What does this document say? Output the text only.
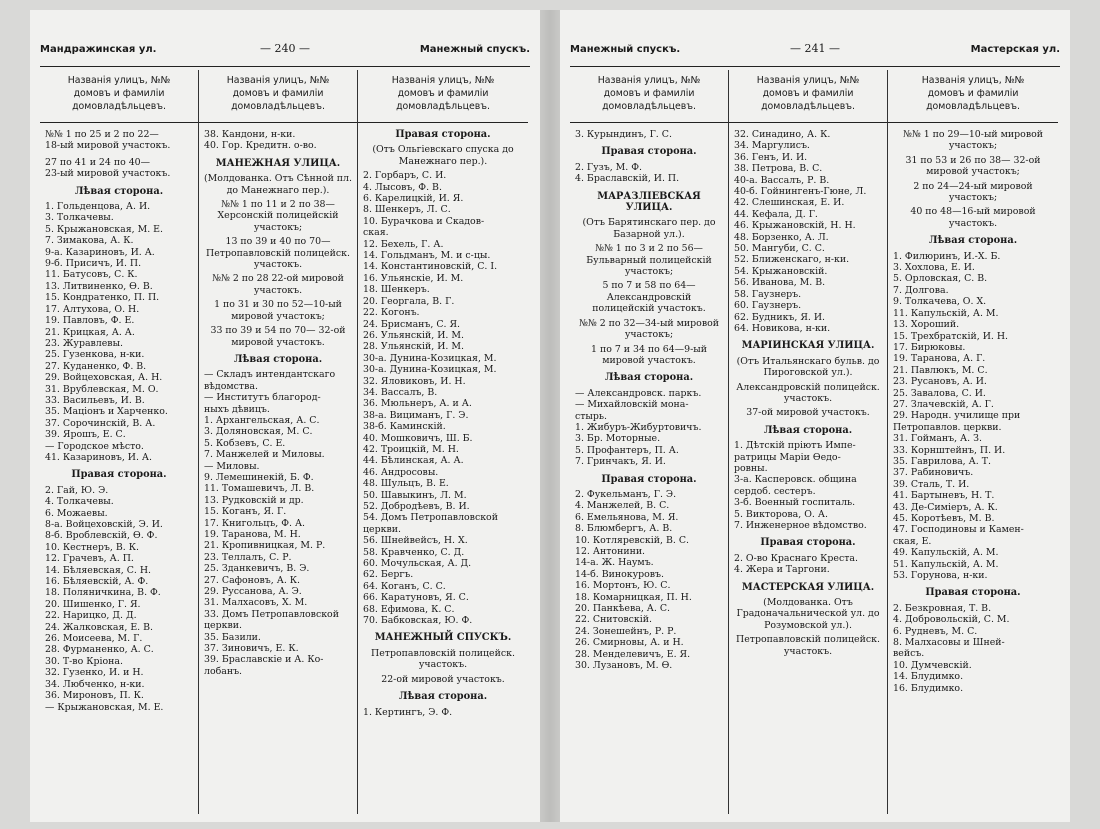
Мандражинская ул.	— 240 —	Манежный спускъ.
Названія улицъ, №№
домовъ и фамиліи
домовладѣльцевъ.
№№ 1 по 25 и 2 по 22—
18-ый мировой участокъ.
27 по 41 и 24 по 40—
23-ый мировой участокъ.
Лѣвая сторона.
1. Гольденцова, А. И.
3. Толкачевы.
5. Крыжановская, М. Е.
7. Зимакова, А. К.
9-а. Казариновъ, И. А.
9-б. Присичъ, И. П.
11. Батусовъ, С. К.
13. Литвиненко, Ѳ. В.
15. Кондратенко, П. П.
17. Алтухова, О. Н.
19. Павловъ, Ф. Е.
21. Крицкая, А. А.
23. Журавлевы.
25. Гузенкова, н-ки.
27. Куданенко, Ф. В.
29. Войцеховская, А. Н.
31. Врублевская, М. О.
33. Васильевъ, И. В.
35. Маціонъ и Харченко.
37. Сорочинскій, В. А.
39. Ярошъ, Е. С.
— Городское мѣсто.
41. Казариновъ, И. А.
Правая сторона.
2. Гай, Ю. Э.
4. Толкачевы.
6. Можаевы.
8-а. Войцеховскій, Э. И.
8-б. Вроблевскій, Ѳ. Ф.
10. Кестнеръ, В. К.
12. Грачевъ, А. П.
14. Бѣляевская, С. Н.
16. Бѣляевскій, А. Ф.
18. Поляничкина, В. Ф.
20. Шишенко, Г. Я.
22. Нарицко, Д. Д.
24. Жалковская, Е. В.
26. Моисеева, М. Г.
28. Фурманенко, А. С.
30. Т-во Кріона.
32. Гузенко, И. и Н.
34. Любченко, н-ки.
36. Мироновъ, П. К.
— Крыжановская, М. Е.
Названія улицъ, №№
домовъ и фамиліи
домовладѣльцевъ.
38. Кандони, н-ки.
40. Гор. Кредитн. о-во.
МАНЕЖНАЯ УЛИЦА.
(Молдованка. Отъ Сѣнной пл. до Манежнаго пер.).
№№ 1 по 11 и 2 по 38— Херсонскій полицейскій участокъ;
13 по 39 и 40 по 70— Петропавловскій полицейск. участокъ.
№№ 2 по 28 22-ой мировой участокъ.
1 по 31 и 30 по 52—10-ый мировой участокъ;
33 по 39 и 54 по 70— 32-ой мировой участокъ.
Лѣвая сторона.
— Складъ интендантскаго
вѣдомства.
— Институтъ благород-
ныхъ дѣвицъ.
1. Архангельская, А. С.
3. Доляновская, М. С.
5. Кобзевъ, С. Е.
7. Манжелей и Миловы.
— Миловы.
9. Лемешинекій, Б. Ф.
11. Томашевичъ, Л. В.
13. Рудковскій и др.
15. Коганъ, Я. Г.
17. Книгольцъ, Ф. А.
19. Таранова, М. Н.
21. Кропивницкая, М. Р.
23. Теллалъ, С. Р.
25. Зданкевичъ, В. Э.
27. Сафоновъ, А. К.
29. Руссанова, А. Э.
31. Малхасовъ, Х. М.
33. Домъ Петропавловской
церкви.
35. Базили.
37. Зиновичъ, Е. К.
39. Браславскіе и А. Ко-
лобанъ.
Названія улицъ, №№
домовъ и фамиліи
домовладѣльцевъ.
Правая сторона.
(Отъ Ольгіевскаго спуска до Манежнаго пер.).
2. Горбаръ, С. И.
4. Лысовъ, Ф. В.
6. Карелицкій, И. Я.
8. Шенкеръ, Л. С.
10. Бурачкова и Скадов-
ская.
12. Бехель, Г. А.
14. Гольдманъ, М. и с-цы.
14. Константиновскій, С. І.
16. Ульянскіе, И. М.
18. Шенкеръ.
20. Георгала, В. Г.
22. Когонъ.
24. Брисманъ, С. Я.
26. Ульянскій, И. М.
28. Ульянскій, И. М.
30-а. Дунина-Козицкая, М.
30-а. Дунина-Козицкая, М.
32. Яловиковъ, И. Н.
34. Вассалъ, В.
36. Мюльнеръ, А. и А.
38-а. Вициманъ, Г. Э.
38-б. Каминскій.
40. Мошковичъ, Ш. Б.
42. Троицкій, М. Н.
44. Бѣлинская, А. А.
46. Андросовы.
48. Шульцъ, В. Е.
50. Шавыкинъ, Л. М.
52. Добродѣевъ, В. И.
54. Домъ Петропавловской
церкви.
56. Шнейвейсъ, Н. Х.
58. Кравченко, С. Д.
60. Мочульская, А. Д.
62. Бергъ.
64. Коганъ, С. С.
66. Каратуновъ, Я. С.
68. Ефимова, К. С.
70. Бабковская, Ю. Ф.
МАНЕЖНЫЙ СПУСКЪ.
Петропавловскій полицейск. участокъ.
22-ой мировой участокъ.
Лѣвая сторона.
1. Кертингъ, Э. Ф.
Манежный спускъ.	— 241 —	Мастерская ул.
Названія улицъ, №№
домовъ и фамиліи
домовладѣльцевъ.
3. Курындинъ, Г. С.
Правая сторона.
2. Гузъ, М. Ф.
4. Браславскій, И. П.
МАРАЗЛІЕВСКАЯ УЛИЦА.
(Отъ Барятинскаго пер. до Базарной ул.).
№№ 1 по 3 и 2 по 56— Бульварный полицейскій участокъ;
5 по 7 и 58 по 64—Александровскій полицейскій участокъ.
№№ 2 по 32—34-ый мировой участокъ;
1 по 7 и 34 по 64—9-ый мировой участокъ.
Лѣвая сторона.
— Александровск. паркъ.
— Михайловскій мона-
стырь.
1. Жибуръ-Жибуртовичъ.
3. Бр. Моторные.
5. Профантеръ, П. А.
7. Гринчакъ, Я. И.
Правая сторона.
2. Фукельманъ, Г. Э.
4. Манжелей, В. С.
6. Емельянова, М. Я.
8. Блюмбергъ, А. В.
10. Котляревскій, В. С.
12. Антонини.
14-а. Ж. Наумъ.
14-б. Винокуровъ.
16. Мортонъ, Ю. С.
18. Комарницкая, П. Н.
20. Панкѣева, А. С.
22. Снитовскій.
24. Зонешейнъ, Р. Р.
26. Смирновы, А. и Н.
28. Менделевичъ, Е. Я.
30. Лузановъ, М. Ѳ.
Названія улицъ, №№
домовъ и фамиліи
домовладѣльцевъ.
32. Синадино, А. К.
34. Маргулисъ.
36. Генъ, И. И.
38. Петрова, В. С.
40-а. Вассалъ, Р. В.
40-б. Гойнингенъ-Гюне, Л.
42. Слешинская, Е. И.
44. Кефала, Д. Г.
46. Крыжановскій, Н. Н.
48. Борзенко, А. Л.
50. Мангуби, С. С.
52. Ближенскаго, н-ки.
54. Крыжановскій.
56. Иванова, М. В.
58. Гаузнеръ.
60. Гаузнеръ.
62. Будникъ, Я. И.
64. Новикова, н-ки.
МАРІИНСКАЯ УЛИЦА.
(Отъ Итальянскаго бульв. до Пироговской ул.).
Александровскій полицейск. участокъ.
37-ой мировой участокъ.
Лѣвая сторона.
1. Дѣтскій пріютъ Импе-
ратрицы Маріи Ѳедо-
ровны.
3-а. Касперовск. община
сердоб. сестеръ.
3-б. Военный госпиталь.
5. Викторова, О. А.
7. Инженерное вѣдомство.
Правая сторона.
2. О-во Краснаго Креста.
4. Жера и Таргони.
МАСТЕРСКАЯ УЛИЦА.
(Молдованка. Отъ Градоначальнической ул. до Розумовской ул.).
Петропавловскій полицейск. участокъ.
Названія улицъ, №№
домовъ и фамиліи
домовладѣльцевъ.
№№ 1 по 29—10-ый мировой участокъ;
31 по 53 и 26 по 38— 32-ой мировой участокъ;
2 по 24—24-ый мировой участокъ;
40 по 48—16-ый мировой участокъ.
Лѣвая сторона.
1. Филюринъ, И.-Х. Б.
3. Хохлова, Е. И.
5. Орловская, С. В.
7. Долгова.
9. Толкачева, О. Х.
11. Капульскій, А. М.
13. Хороший.
15. Трехбратскій, И. Н.
17. Бирюковы.
19. Таранова, А. Г.
21. Павлюкъ, М. С.
23. Русановъ, А. И.
25. Завалова, С. И.
27. Злачевскій, А. Г.
29. Народн. училище при
Петропавлов. церкви.
31. Гойманъ, А. З.
33. Корнштейнъ, П. И.
35. Гаврилова, А. Т.
37. Рабиновичъ.
39. Сталь, Т. И.
41. Бартыневъ, Н. Т.
43. Де-Симіеръ, А. К.
45. Коротѣевъ, М. В.
47. Господиновы и Камен-
ская, Е.
49. Капульскій, А. М.
51. Капульскій, А. М.
53. Горунова, н-ки.
Правая сторона.
2. Безкровная, Т. В.
4. Добровольскій, С. М.
6. Рудневъ, М. С.
8. Малхасовы и Шней-
вейсъ.
10. Думчевскій.
14. Блудимко.
16. Блудимко.
